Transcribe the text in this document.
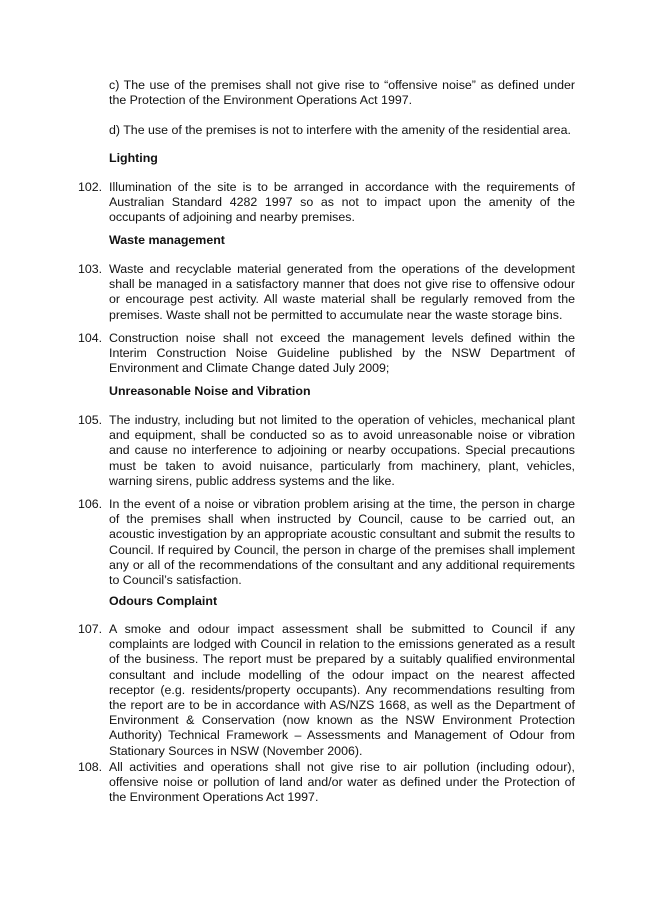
c) The use of the premises shall not give rise to “offensive noise” as defined under the Protection of the Environment Operations Act 1997.

d) The use of the premises is not to interfere with the amenity of the residential area.

Lighting

102. Illumination of the site is to be arranged in accordance with the requirements of Australian Standard 4282 1997 so as not to impact upon the amenity of the occupants of adjoining and nearby premises.

Waste management

103. Waste and recyclable material generated from the operations of the development shall be managed in a satisfactory manner that does not give rise to offensive odour or encourage pest activity. All waste material shall be regularly removed from the premises. Waste shall not be permitted to accumulate near the waste storage bins.
104. Construction noise shall not exceed the management levels defined within the Interim Construction Noise Guideline published by the NSW Department of Environment and Climate Change dated July 2009;

Unreasonable Noise and Vibration

105. The industry, including but not limited to the operation of vehicles, mechanical plant and equipment, shall be conducted so as to avoid unreasonable noise or vibration and cause no interference to adjoining or nearby occupations. Special precautions must be taken to avoid nuisance, particularly from machinery, plant, vehicles, warning sirens, public address systems and the like.
106. In the event of a noise or vibration problem arising at the time, the person in charge of the premises shall when instructed by Council, cause to be carried out, an acoustic investigation by an appropriate acoustic consultant and submit the results to Council. If required by Council, the person in charge of the premises shall implement any or all of the recommendations of the consultant and any additional requirements to Council’s satisfaction.

Odours Complaint

107. A smoke and odour impact assessment shall be submitted to Council if any complaints are lodged with Council in relation to the emissions generated as a result of the business. The report must be prepared by a suitably qualified environmental consultant and include modelling of the odour impact on the nearest affected receptor (e.g. residents/property occupants). Any recommendations resulting from the report are to be in accordance with AS/NZS 1668, as well as the Department of Environment & Conservation (now known as the NSW Environment Protection Authority) Technical Framework – Assessments and Management of Odour from Stationary Sources in NSW (November 2006).
108. All activities and operations shall not give rise to air pollution (including odour), offensive noise or pollution of land and/or water as defined under the Protection of the Environment Operations Act 1997.
